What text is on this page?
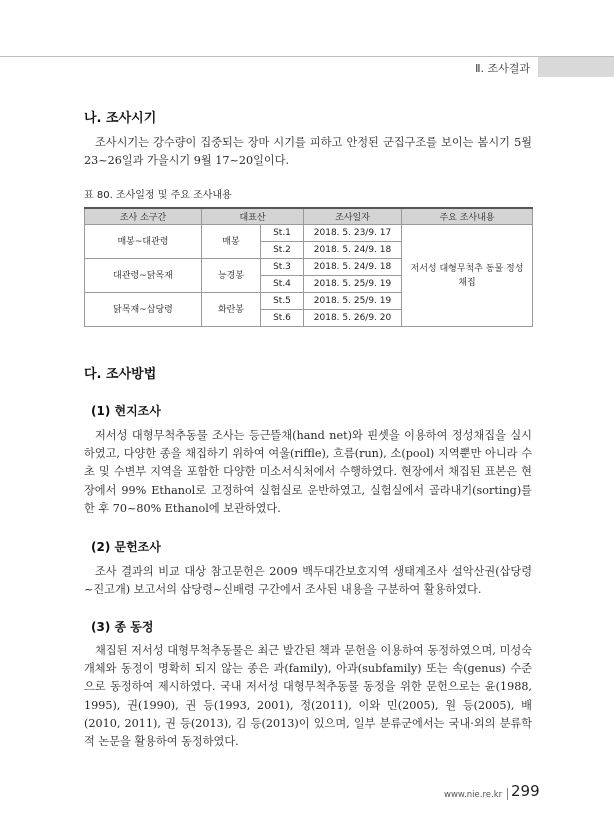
Ⅱ. 조사결과
나. 조사시기

조사시기는 강수량이 집중되는 장마 시기를 피하고 안정된 군집구조를 보이는 봄시기 5월 23~26일과 가을시기 9월 17~20일이다.

표 80. 조사일정 및 주요 조사내용

조사 소구간	대표산		조사일자	주요 조사내용
매봉~대관령	매봉	St.1	2018. 5. 23/9. 17	저서성 대형무척추 동물 정성 채집
		St.2	2018. 5. 24/9. 18	
대관령~닭목재	능경봉	St.3	2018. 5. 24/9. 18	
		St.4	2018. 5. 25/9. 19	
닭목재~삽당령	화란봉	St.5	2018. 5. 25/9. 19	
		St.6	2018. 5. 26/9. 20	
다. 조사방법
(1) 현지조사

저서성 대형무척추동물 조사는 등근뜰채(hand net)와 핀셋을 이용하여 정성채집을 실시하였고, 다양한 종을 채집하기 위하여 여울(riffle), 흐름(run), 소(pool) 지역뿐만 아니라 수초 및 수변부 지역을 포함한 다양한 미소서식처에서 수행하였다. 현장에서 채집된 표본은 현장에서 99% Ethanol로 고정하여 실험실로 운반하였고, 실험실에서 골라내기(sorting)를 한 후 70~80% Ethanol에 보관하였다.

(2) 문헌조사

조사 결과의 비교 대상 참고문헌은 2009 백두대간보호지역 생태계조사 설악산권(삽당령~진고개) 보고서의 삽당령~신배령 구간에서 조사된 내용을 구분하여 활용하였다.

(3) 종 동정

채집된 저서성 대형무척추동물은 최근 발간된 책과 문헌을 이용하여 동정하였으며, 미성숙 개체와 동정이 명확히 되지 않는 종은 과(family), 아과(subfamily) 또는 속(genus) 수준으로 동정하여 제시하였다. 국내 저서성 대형무척추동물 동정을 위한 문헌으로는 윤(1988, 1995), 권(1990), 권 등(1993, 2001), 정(2011), 이와 민(2005), 원 등(2005), 배(2010, 2011), 권 등(2013), 김 등(2013)이 있으며, 일부 분류군에서는 국내·외의 분류학적 논문을 활용하여 동정하였다.

www.nie.re.kr 299
